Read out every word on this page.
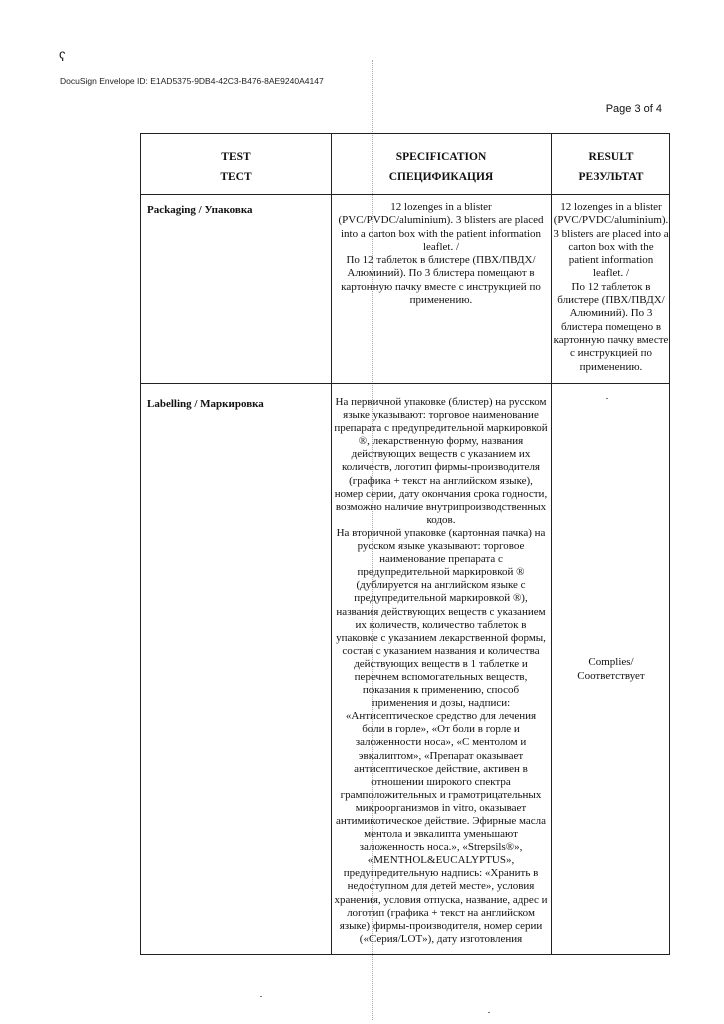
ʕ
DocuSign Envelope ID: E1AD5375-9DB4-42C3-B476-8AE9240A4147
Page 3 of 4
TEST
ТЕСТ
SPECIFICATION
СПЕЦИФИКАЦИЯ
RESULT
РЕЗУЛЬТАТ
Packaging / Упаковка	12 lozenges in a blister (PVC/PVDC/aluminium). 3 blisters are placed into a carton box with the patient information leaflet. /
По 12 таблеток в блистере (ПВХ/ПВДХ/Алюминий). По 3 блистера помещают в картонную пачку вместе с инструкцией по применению.
12 lozenges in a blister (PVC/PVDC/aluminium). 3 blisters are placed into a carton box with the patient information leaflet. /
По 12 таблеток в блистере (ПВХ/ПВДХ/Алюминий). По 3 блистера помещено в картонную пачку вместе с инструкцией по применению.
Labelling / Маркировка	На первичной упаковке (блистер) на русском языке указывают: торговое наименование препарата с предупредительной маркировкой ®, лекарственную форму, названия действующих веществ с указанием их количеств, логотип фирмы-производителя (графика + текст на английском языке), номер серии, дату окончания срока годности, возможно наличие внутрипроизводственных кодов.
На вторичной упаковке (картонная пачка) на русском языке указывают: торговое наименование препарата с предупредительной маркировкой ® (дублируется на английском языке с предупредительной маркировкой ®), названия действующих веществ с указанием их количеств, количество таблеток в упаковке с указанием лекарственной формы, состав с указанием названия и количества действующих веществ в 1 таблетке и перечнем вспомогательных веществ, показания к применению, способ применения и дозы, надписи: «Антисептическое средство для лечения боли в горле», «От боли в горле и заложенности носа», «С ментолом и эвкалиптом», «Препарат оказывает антисептическое действие, активен в отношении широкого спектра грамположительных и грамотрицательных микроорганизмов in vitro, оказывает антимикотическое действие. Эфирные масла ментола и эвкалипта уменьшают заложенность носа.», «Strepsils®», «MENTHOL&EUCALYPTUS», предупредительную надпись: «Хранить в недоступном для детей месте», условия хранения, условия отпуска, название, адрес и логотип (графика + текст на английском языке) фирмы-производителя, номер серии («Серия/LOT»), дату изготовления
Complies/
Соответствует
